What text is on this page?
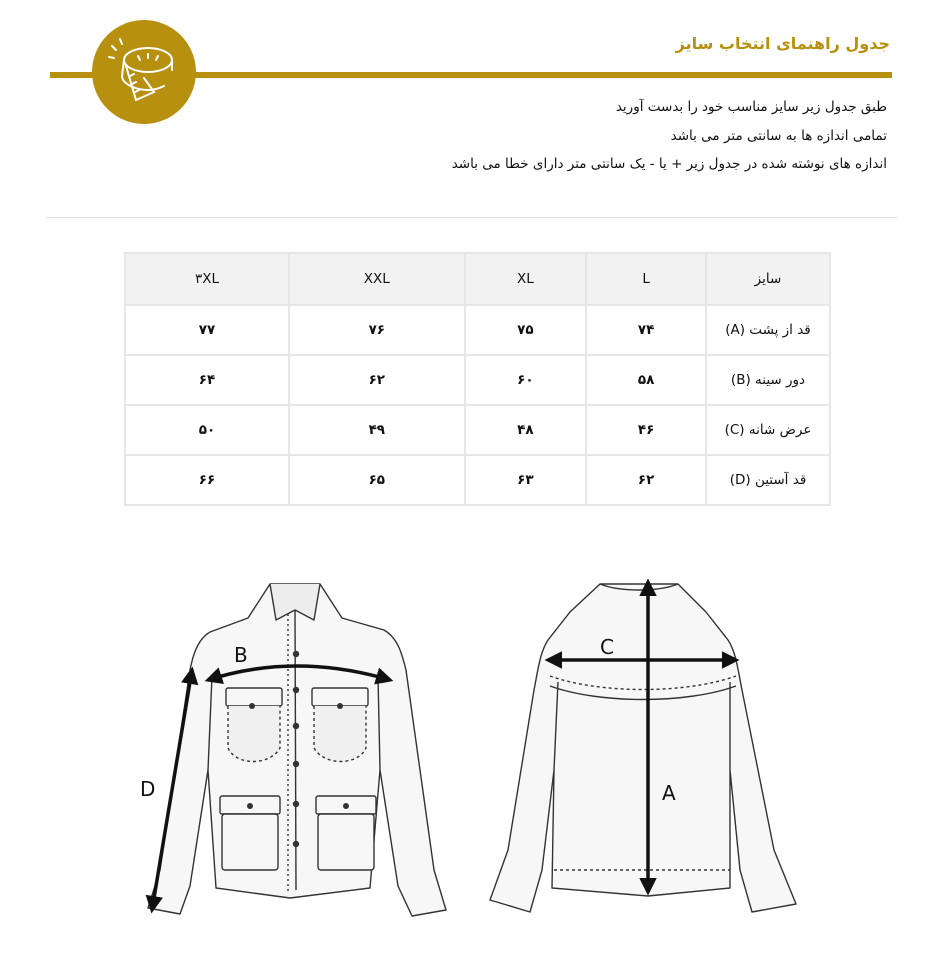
جدول راهنمای انتخاب سایز
طبق جدول زیر سایز مناسب خود را بدست آورید
تمامی اندازه ها به سانتی متر می باشد
اندازه های نوشته شده در جدول زیر + یا - یک سانتی متر دارای خطا می باشد
سایز	L	XL	XXL	۳XL
قد از پشت (A)	۷۴	۷۵	۷۶	۷۷
دور سینه (B)	۵۸	۶۰	۶۲	۶۴
عرض شانه (C)	۴۶	۴۸	۴۹	۵۰
قد آستین (D)	۶۲	۶۳	۶۵	۶۶
B
D
C
A
